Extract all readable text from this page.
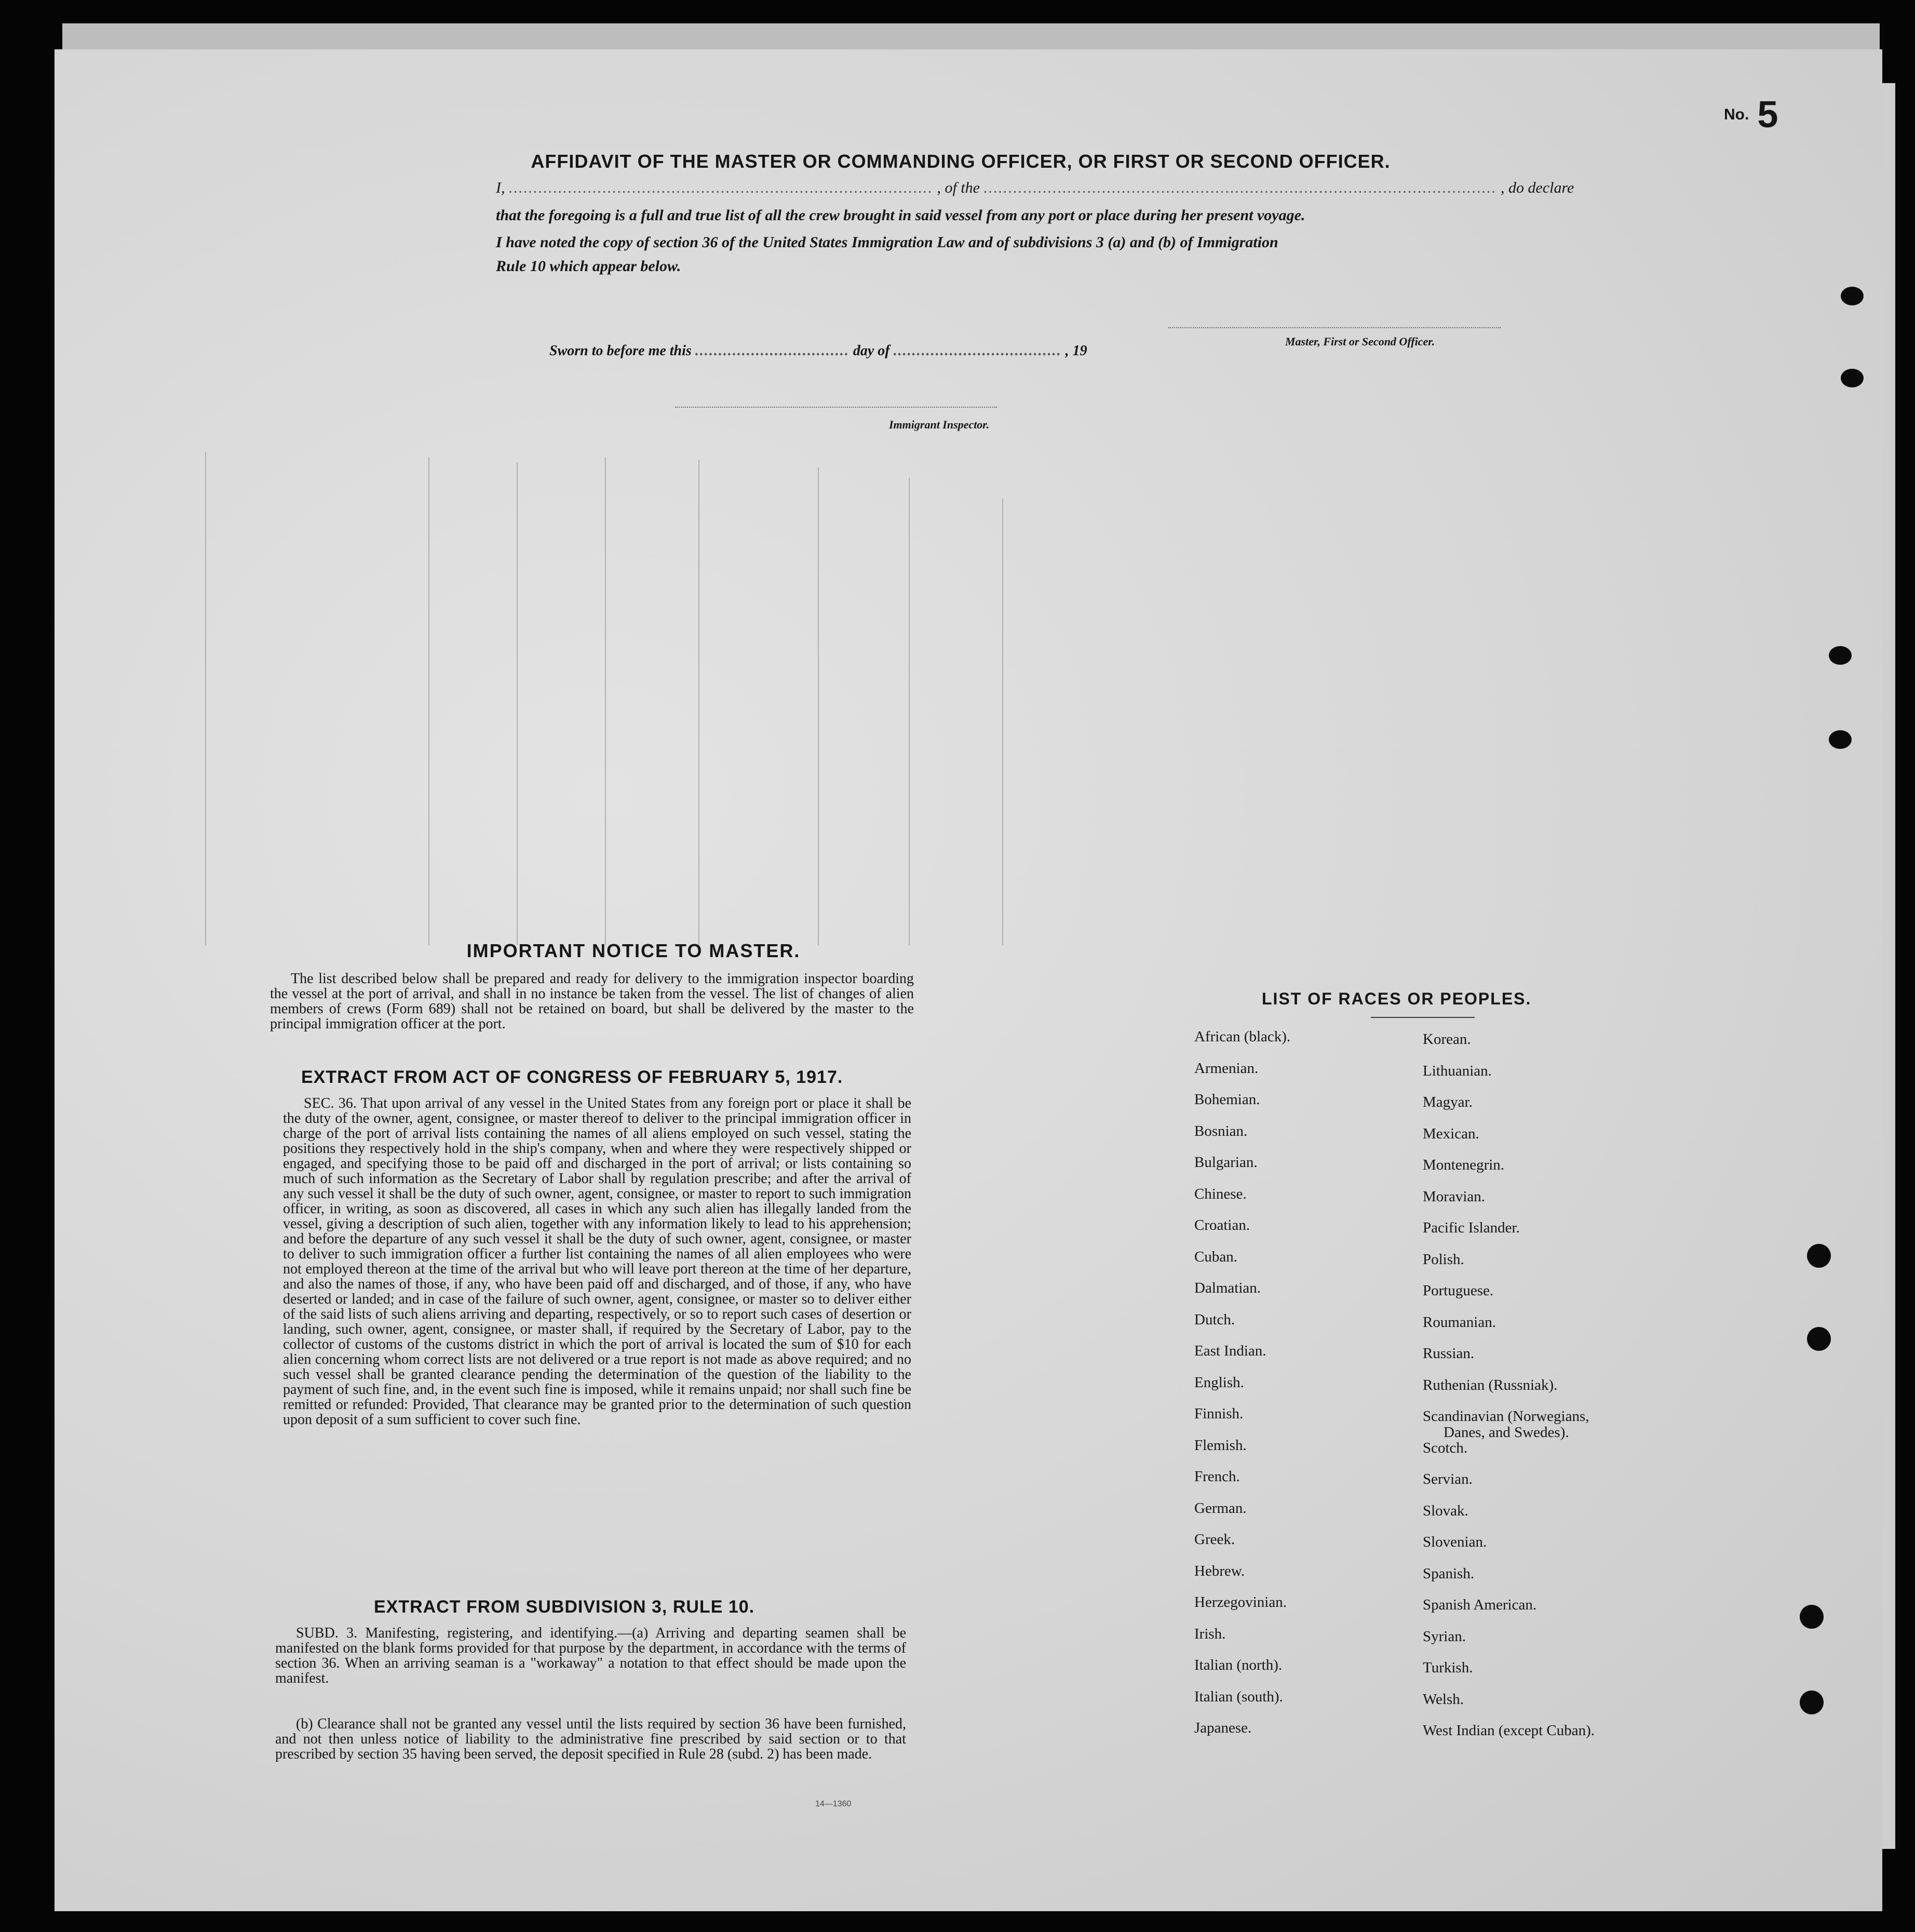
No. 5
AFFIDAVIT OF THE MASTER OR COMMANDING OFFICER, OR FIRST OR SECOND OFFICER.
I, ...................................................................................... , of the ........................................................................................................ , do declare
that the foregoing is a full and true list of all the crew brought in said vessel from any port or place during her present voyage.
I have noted the copy of section 36 of the United States Immigration Law and of subdivisions 3 (a) and (b) of Immigration
Rule 10 which appear below.
Master, First or Second Officer.
Sworn to before me this ................................. day of .................................... , 19
Immigrant Inspector.
IMPORTANT NOTICE TO MASTER.

The list described below shall be prepared and ready for delivery to the immigration inspector boarding the vessel at the port of arrival, and shall in no instance be taken from the vessel. The list of changes of alien members of crews (Form 689) shall not be retained on board, but shall be delivered by the master to the principal immigration officer at the port.

EXTRACT FROM ACT OF CONGRESS OF FEBRUARY 5, 1917.

SEC. 36. That upon arrival of any vessel in the United States from any foreign port or place it shall be the duty of the owner, agent, consignee, or master thereof to deliver to the principal immigration officer in charge of the port of arrival lists containing the names of all aliens employed on such vessel, stating the positions they respectively hold in the ship's company, when and where they were respectively shipped or engaged, and specifying those to be paid off and discharged in the port of arrival; or lists containing so much of such information as the Secretary of Labor shall by regulation prescribe; and after the arrival of any such vessel it shall be the duty of such owner, agent, consignee, or master to report to such immigration officer, in writing, as soon as discovered, all cases in which any such alien has illegally landed from the vessel, giving a description of such alien, together with any information likely to lead to his apprehension; and before the departure of any such vessel it shall be the duty of such owner, agent, consignee, or master to deliver to such immigration officer a further list containing the names of all alien employees who were not employed thereon at the time of the arrival but who will leave port thereon at the time of her departure, and also the names of those, if any, who have been paid off and discharged, and of those, if any, who have deserted or landed; and in case of the failure of such owner, agent, consignee, or master so to deliver either of the said lists of such aliens arriving and departing, respectively, or so to report such cases of desertion or landing, such owner, agent, consignee, or master shall, if required by the Secretary of Labor, pay to the collector of customs of the customs district in which the port of arrival is located the sum of $10 for each alien concerning whom correct lists are not delivered or a true report is not made as above required; and no such vessel shall be granted clearance pending the determination of the question of the liability to the payment of such fine, and, in the event such fine is imposed, while it remains unpaid; nor shall such fine be remitted or refunded: Provided, That clearance may be granted prior to the determination of such question upon deposit of a sum sufficient to cover such fine.

EXTRACT FROM SUBDIVISION 3, RULE 10.

SUBD. 3. Manifesting, registering, and identifying.—(a) Arriving and departing seamen shall be manifested on the blank forms provided for that purpose by the department, in accordance with the terms of section 36. When an arriving seaman is a "workaway" a notation to that effect should be made upon the manifest.

(b) Clearance shall not be granted any vessel until the lists required by section 36 have been furnished, and not then unless notice of liability to the administrative fine prescribed by said section or to that prescribed by section 35 having been served, the deposit specified in Rule 28 (subd. 2) has been made.

14—1360
LIST OF RACES OR PEOPLES.
African (black).
Armenian.
Bohemian.
Bosnian.
Bulgarian.
Chinese.
Croatian.
Cuban.
Dalmatian.
Dutch.
East Indian.
English.
Finnish.
Flemish.
French.
German.
Greek.
Hebrew.
Herzegovinian.
Irish.
Italian (north).
Italian (south).
Japanese.
Korean.
Lithuanian.
Magyar.
Mexican.
Montenegrin.
Moravian.
Pacific Islander.
Polish.
Portuguese.
Roumanian.
Russian.
Ruthenian (Russniak).
Scandinavian (Norwegians,
Danes, and Swedes).
Scotch.
Servian.
Slovak.
Slovenian.
Spanish.
Spanish American.
Syrian.
Turkish.
Welsh.
West Indian (except Cuban).
